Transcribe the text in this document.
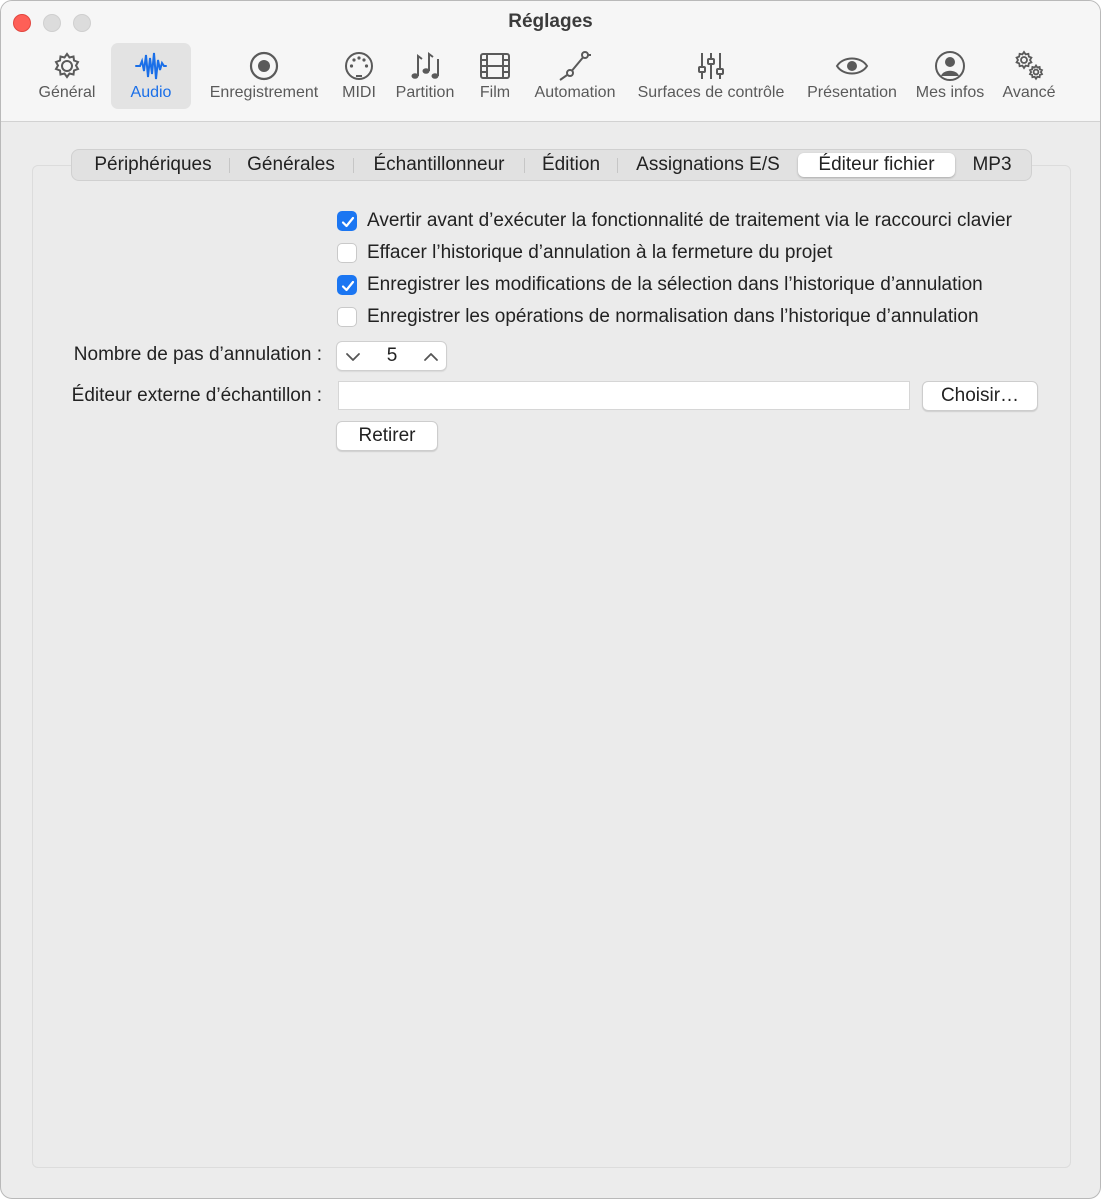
Réglages
Général	Audio	Enregistrement	MIDI	Partition	Film	Automation	Surfaces de contrôle	Présentation	Mes infos	Avancé
Périphériques	Générales	Échantillonneur	Édition	Assignations E/S	Éditeur fichier	MP3
Avertir avant d’exécuter la fonctionnalité de traitement via le raccourci clavier
Effacer l’historique d’annulation à la fermeture du projet
Enregistrer les modifications de la sélection dans l’historique d’annulation
Enregistrer les opérations de normalisation dans l’historique d’annulation
Nombre de pas d’annulation :	5
Éditeur externe d’échantillon :	Choisir…
Retirer
